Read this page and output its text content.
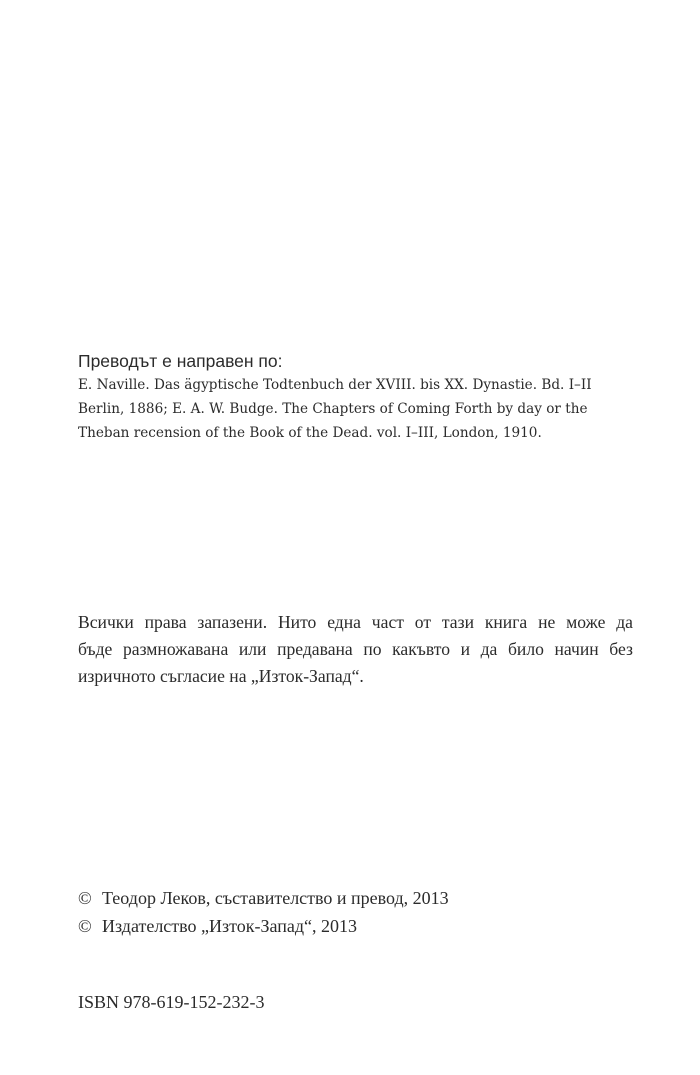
Преводът е направен по:

E. Naville. Das ägyptische Todtenbuch der XVIII. bis XX. Dynastie. Bd. I–II

Berlin, 1886; E. A. W. Budge. The Chapters of Coming Forth by day or the

Theban recension of the Book of the Dead. vol. I–III, London, 1910.

Всички права запазени. Нито една част от тази книга не може да

бъде размножавана или предавана по какъвто и да било начин без

изричното съгласие на „Изток-Запад“.

© Теодор Леков, съставителство и превод, 2013

© Издателство „Изток-Запад“, 2013

ISBN 978-619-152-232-3
